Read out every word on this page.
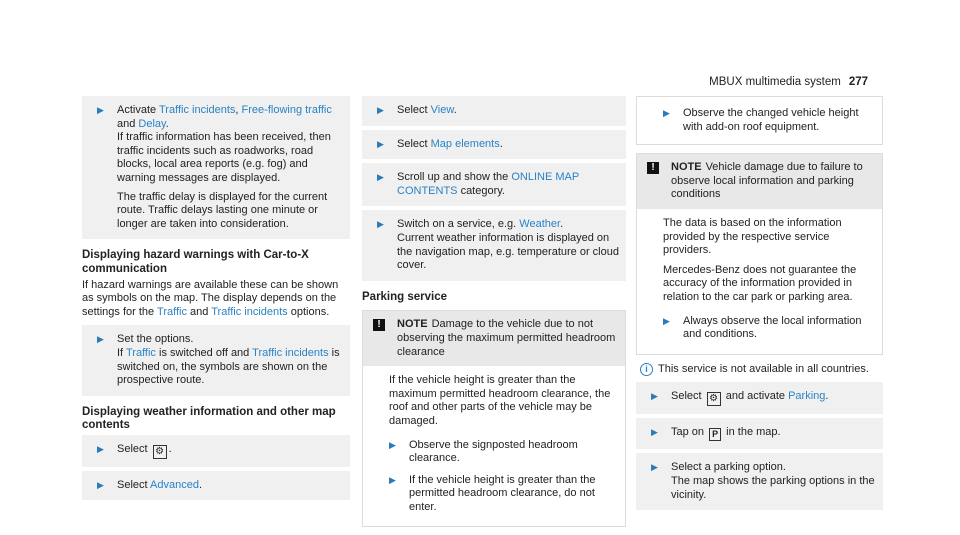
MBUX multimedia system 277
▶ Activate Traffic incidents, Free-flowing traffic and Delay.
If traffic information has been received, then traffic incidents such as roadworks, road blocks, local area reports (e.g. fog) and warning messages are displayed.

The traffic delay is displayed for the current route. Traffic delays lasting one minute or longer are taken into consideration.

Displaying hazard warnings with Car-to-X communication

If hazard warnings are available these can be shown as symbols on the map. The display depends on the settings for the Traffic and Traffic incidents options.

▶ Set the options.
If Traffic is switched off and Traffic incidents is switched on, the symbols are shown on the prospective route.

Displaying weather information and other map contents
▶ Select ⚙ .

▶ Select Advanced.

▶ Select View.

▶ Select Map elements.

▶ Scroll up and show the ONLINE MAP CONTENTS category.

▶ Switch on a service, e.g. Weather.
Current weather information is displayed on the navigation map, e.g. temperature or cloud cover.

Parking service
!	NOTE Damage to the vehicle due to not observing the maximum permitted headroom clearance

If the vehicle height is greater than the maximum permitted headroom clearance, the roof and other parts of the vehicle may be damaged.

▶ Observe the signposted headroom clearance.

▶ If the vehicle height is greater than the permitted headroom clearance, do not enter.

▶ Observe the changed vehicle height with add-on roof equipment.

!	NOTE Vehicle damage due to failure to observe local information and parking conditions

The data is based on the information provided by the respective service providers.

Mercedes-Benz does not guarantee the accuracy of the information provided in relation to the car park or parking area.

▶ Always observe the local information and conditions.

i This service is not available in all countries.
▶ Select ⚙ and activate Parking.

▶ Tap on P in the map.

▶ Select a parking option.
The map shows the parking options in the vicinity.
